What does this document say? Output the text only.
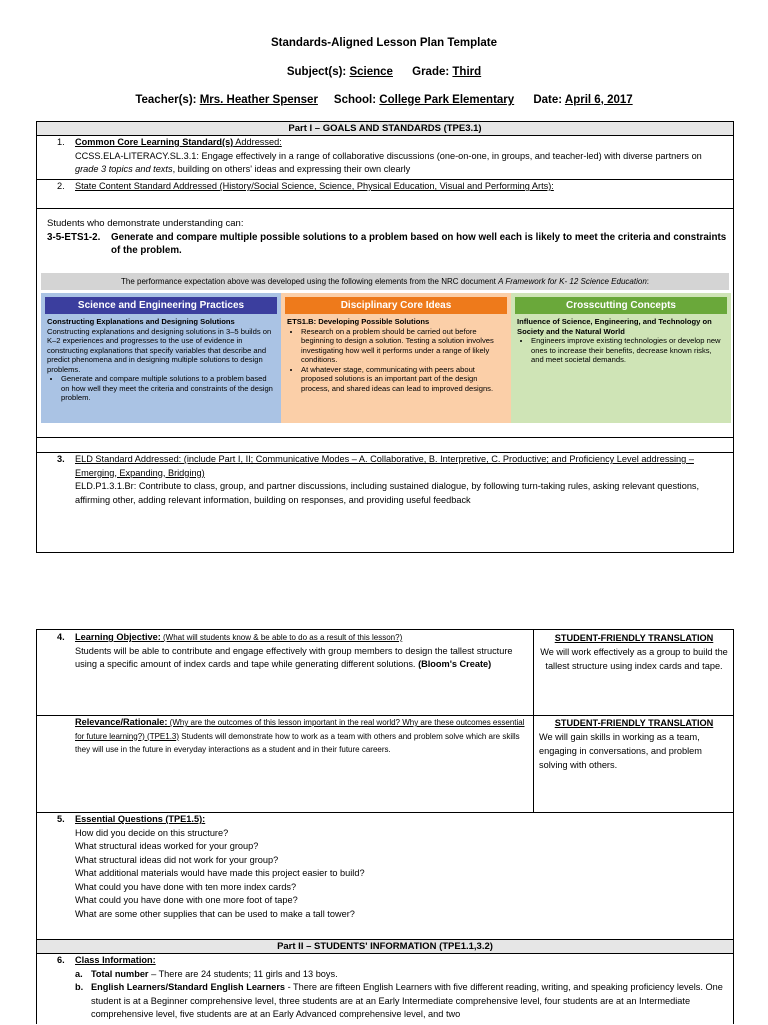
Standards-Aligned Lesson Plan Template
Subject(s): Science Grade: Third
Teacher(s): Mrs. Heather Spenser School: College Park Elementary Date: April 6, 2017
Part I – GOALS AND STANDARDS (TPE3.1)
1. Common Core Learning Standard(s) Addressed:
CCSS.ELA-LITERACY.SL.3.1: Engage effectively in a range of collaborative discussions (one-on-one, in groups, and teacher-led) with diverse partners on grade 3 topics and texts, building on others' ideas and expressing their own clearly
2. State Content Standard Addressed (History/Social Science, Science, Physical Education, Visual and Performing Arts):
Students who demonstrate understanding can:
3-5-ETS1-2.	Generate and compare multiple possible solutions to a problem based on how well each is likely to meet the criteria and constraints of the problem.
The performance expectation above was developed using the following elements from the NRC document A Framework for K- 12 Science Education:
Science and Engineering Practices
Constructing Explanations and Designing Solutions
Constructing explanations and designing solutions in 3–5 builds on K–2 experiences and progresses to the use of evidence in constructing explanations that specify variables that describe and predict phenomena and in designing multiple solutions to design problems.
• Generate and compare multiple solutions to a problem based on how well they meet the criteria and constraints of the design problem.
Disciplinary Core Ideas
ETS1.B: Developing Possible Solutions
• Research on a problem should be carried out before beginning to design a solution. Testing a solution involves investigating how well it performs under a range of likely conditions.
• At whatever stage, communicating with peers about proposed solutions is an important part of the design process, and shared ideas can lead to improved designs.
Crosscutting Concepts
Influence of Science, Engineering, and Technology on Society and the Natural World
• Engineers improve existing technologies or develop new ones to increase their benefits, decrease known risks, and meet societal demands.
3. ELD Standard Addressed: (include Part I, II; Communicative Modes – A. Collaborative, B. Interpretive, C. Productive; and Proficiency Level addressing – Emerging, Expanding, Bridging)
ELD.P1.3.1.Br: Contribute to class, group, and partner discussions, including sustained dialogue, by following turn-taking rules, asking relevant questions, affirming other, adding relevant information, building on responses, and providing useful feedback
4. Learning Objective: (What will students know & be able to do as a result of this lesson?)
Students will be able to contribute and engage effectively with group members to design the tallest structure using a specific amount of index cards and tape while generating different solutions. (Bloom's Create)
STUDENT-FRIENDLY TRANSLATION
We will work effectively as a group to build the tallest structure using index cards and tape.
Relevance/Rationale: (Why are the outcomes of this lesson important in the real world? Why are these outcomes essential for future learning?) (TPE1.3) Students will demonstrate how to work as a team with others and problem solve which are skills they will use in the future in everyday interactions as a student and in their future careers.
STUDENT-FRIENDLY TRANSLATION
We will gain skills in working as a team, engaging in conversations, and problem solving with others.
5. Essential Questions (TPE1.5):
How did you decide on this structure?
What structural ideas worked for your group?
What structural ideas did not work for your group?
What additional materials would have made this project easier to build?
What could you have done with ten more index cards?
What could you have done with one more foot of tape?
What are some other supplies that can be used to make a tall tower?
Part II – STUDENTS' INFORMATION (TPE1.1,3.2)
6. Class Information:
a. Total number – There are 24 students; 11 girls and 13 boys.
b. English Learners/Standard English Learners - There are fifteen English Learners with five different reading, writing, and speaking proficiency levels. One student is at a Beginner comprehensive level, three students are at an Early Intermediate comprehensive level, four students are at an Intermediate comprehensive level, five students are at an Early Advanced comprehensive level, and two
